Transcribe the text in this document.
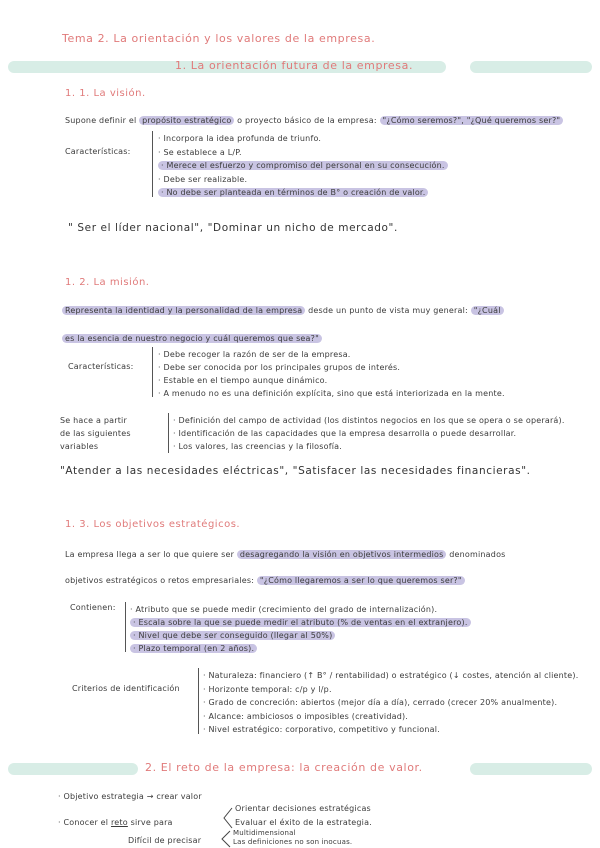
Tema 2. La orientación y los valores de la empresa.
1. La orientación futura de la empresa.
1. 1. La visión.
Supone definir el propósito estratégico o proyecto básico de la empresa: "¿Cómo seremos?", "¿Qué queremos ser?"
Características:
· Incorpora la idea profunda de triunfo.
· Se establece a L/P.
· Merece el esfuerzo y compromiso del personal en su consecución.
· Debe ser realizable.
· No debe ser planteada en términos de B° o creación de valor.
" Ser el líder nacional", "Dominar un nicho de mercado".
1. 2. La misión.
Representa la identidad y la personalidad de la empresa desde un punto de vista muy general: "¿Cuál
es la esencia de nuestro negocio y cuál queremos que sea?"
Características:
· Debe recoger la razón de ser de la empresa.
· Debe ser conocida por los principales grupos de interés.
· Estable en el tiempo aunque dinámico.
· A menudo no es una definición explícita, sino que está interiorizada en la mente.
Se hace a partir
de las siguientes
variables
· Definición del campo de actividad (los distintos negocios en los que se opera o se operará).
· Identificación de las capacidades que la empresa desarrolla o puede desarrollar.
· Los valores, las creencias y la filosofía.
"Atender a las necesidades eléctricas", "Satisfacer las necesidades financieras".
1. 3. Los objetivos estratégicos.
La empresa llega a ser lo que quiere ser desagregando la visión en objetivos intermedios denominados
objetivos estratégicos o retos empresariales: "¿Cómo llegaremos a ser lo que queremos ser?"
Contienen: · Atributo que se puede medir (crecimiento del grado de internalización).
· Escala sobre la que se puede medir el atributo (% de ventas en el extranjero).
· Nivel que debe ser conseguido (llegar al 50%)
· Plazo temporal (en 2 años).
Criterios de identificación
· Naturaleza: financiero (↑ B° / rentabilidad) o estratégico (↓ costes, atención al cliente).
· Horizonte temporal: c/p y l/p.
· Grado de concreción: abiertos (mejor día a día), cerrado (crecer 20% anualmente).
· Alcance: ambiciosos o imposibles (creatividad).
· Nivel estratégico: corporativo, competitivo y funcional.
2. El reto de la empresa: la creación de valor.
· Objetivo estrategia → crear valor
· Conocer el reto sirve para
Orientar decisiones estratégicas
Evaluar el éxito de la estrategia.
Difícil de precisar
Multidimensional
Las definiciones no son inocuas.
